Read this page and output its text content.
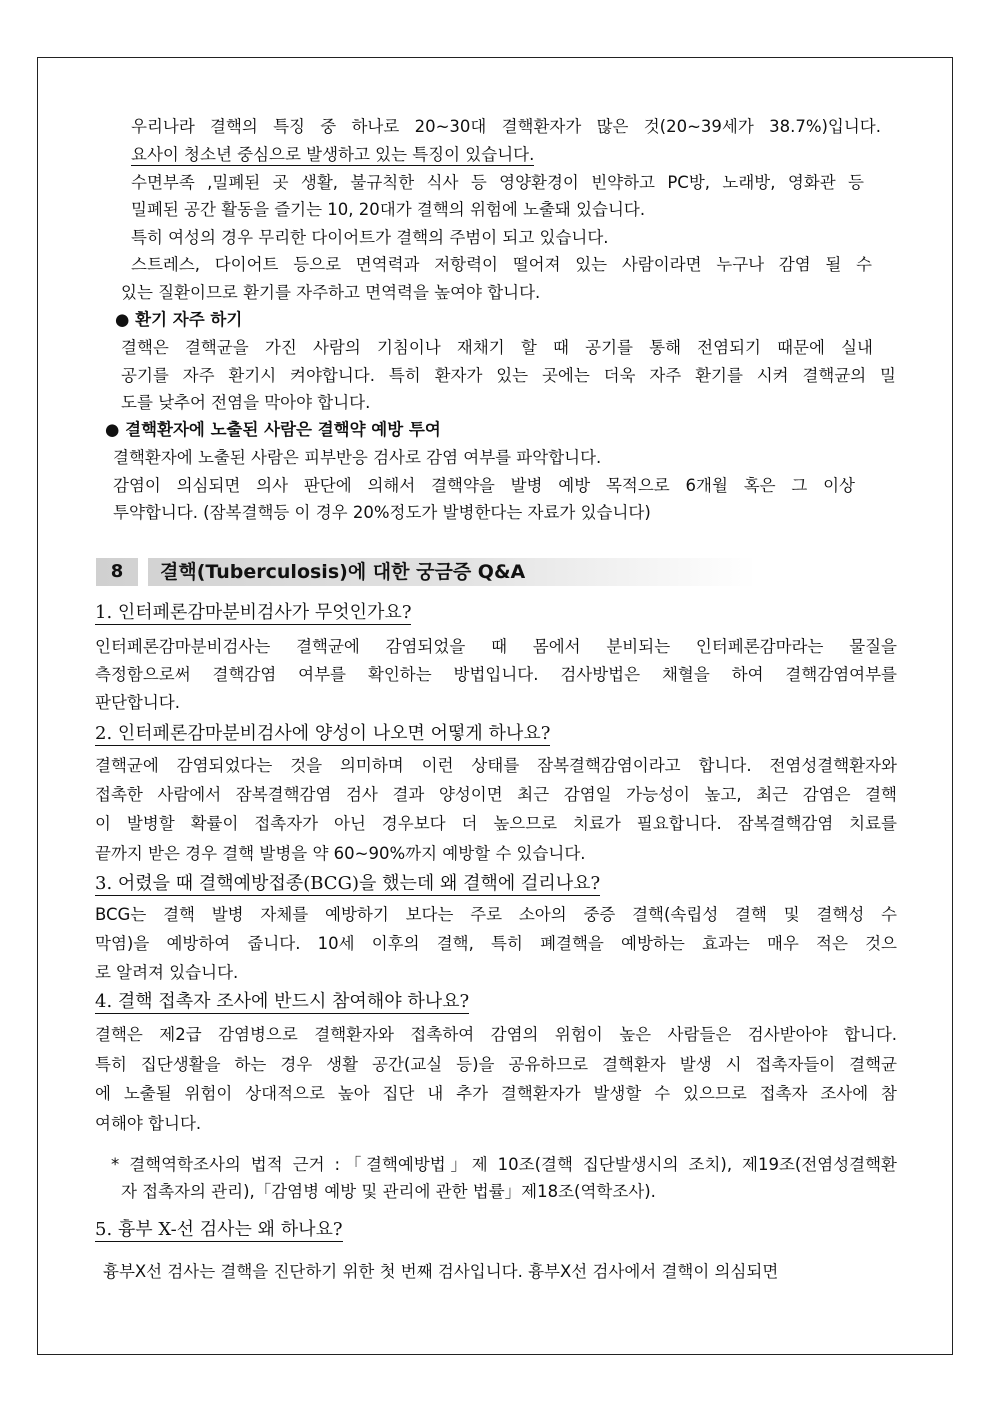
우리나라 결핵의 특징 중 하나로 20~30대 결핵환자가 많은 것(20~39세가 38.7%)입니다.
요사이 청소년 중심으로 발생하고 있는 특징이 있습니다.
수면부족 ,밀폐된 곳 생활, 불규칙한 식사 등 영양환경이 빈약하고 PC방, 노래방, 영화관 등
밀폐된 공간 활동을 즐기는 10, 20대가 결핵의 위험에 노출돼 있습니다.
특히 여성의 경우 무리한 다이어트가 결핵의 주범이 되고 있습니다.
스트레스, 다이어트 등으로 면역력과 저항력이 떨어져 있는 사람이라면 누구나 감염 될 수
있는 질환이므로 환기를 자주하고 면역력을 높여야 합니다.
● 환기 자주 하기
결핵은 결핵균을 가진 사람의 기침이나 재채기 할 때 공기를 통해 전염되기 때문에 실내
공기를 자주 환기시 켜야합니다. 특히 환자가 있는 곳에는 더욱 자주 환기를 시켜 결핵균의 밀
도를 낮추어 전염을 막아야 합니다.
● 결핵환자에 노출된 사람은 결핵약 예방 투여
결핵환자에 노출된 사람은 피부반응 검사로 감염 여부를 파악합니다.
감염이 의심되면 의사 판단에 의해서 결핵약을 발병 예방 목적으로 6개월 혹은 그 이상
투약합니다. (잠복결핵등 이 경우 20%정도가 발병한다는 자료가 있습니다)
8	결핵(Tuberculosis)에 대한 궁금증 Q&A
1. 인터페론감마분비검사가 무엇인가요?
인터페론감마분비검사는 결핵균에 감염되었을 때 몸에서 분비되는 인터페론감마라는 물질을
측정함으로써 결핵감염 여부를 확인하는 방법입니다. 검사방법은 채혈을 하여 결핵감염여부를
판단합니다.
2. 인터페론감마분비검사에 양성이 나오면 어떻게 하나요?
결핵균에 감염되었다는 것을 의미하며 이런 상태를 잠복결핵감염이라고 합니다. 전염성결핵환자와
접촉한 사람에서 잠복결핵감염 검사 결과 양성이면 최근 감염일 가능성이 높고, 최근 감염은 결핵
이 발병할 확률이 접촉자가 아닌 경우보다 더 높으므로 치료가 필요합니다. 잠복결핵감염 치료를
끝까지 받은 경우 결핵 발병을 약 60~90%까지 예방할 수 있습니다.
3. 어렸을 때 결핵예방접종(BCG)을 했는데 왜 결핵에 걸리나요?
BCG는 결핵 발병 자체를 예방하기 보다는 주로 소아의 중증 결핵(속립성 결핵 및 결핵성 수
막염)을 예방하여 줍니다. 10세 이후의 결핵, 특히 폐결핵을 예방하는 효과는 매우 적은 것으
로 알려져 있습니다.
4. 결핵 접촉자 조사에 반드시 참여해야 하나요?
결핵은 제2급 감염병으로 결핵환자와 접촉하여 감염의 위험이 높은 사람들은 검사받아야 합니다.
특히 집단생활을 하는 경우 생활 공간(교실 등)을 공유하므로 결핵환자 발생 시 접촉자들이 결핵균
에 노출될 위험이 상대적으로 높아 집단 내 추가 결핵환자가 발생할 수 있으므로 접촉자 조사에 참
여해야 합니다.
* 결핵역학조사의 법적 근거 :「결핵예방법」제 10조(결핵 집단발생시의 조치), 제19조(전염성결핵환
자 접촉자의 관리),「감염병 예방 및 관리에 관한 법률」제18조(역학조사).
5. 흉부 X-선 검사는 왜 하나요?
흉부X선 검사는 결핵을 진단하기 위한 첫 번째 검사입니다. 흉부X선 검사에서 결핵이 의심되면
